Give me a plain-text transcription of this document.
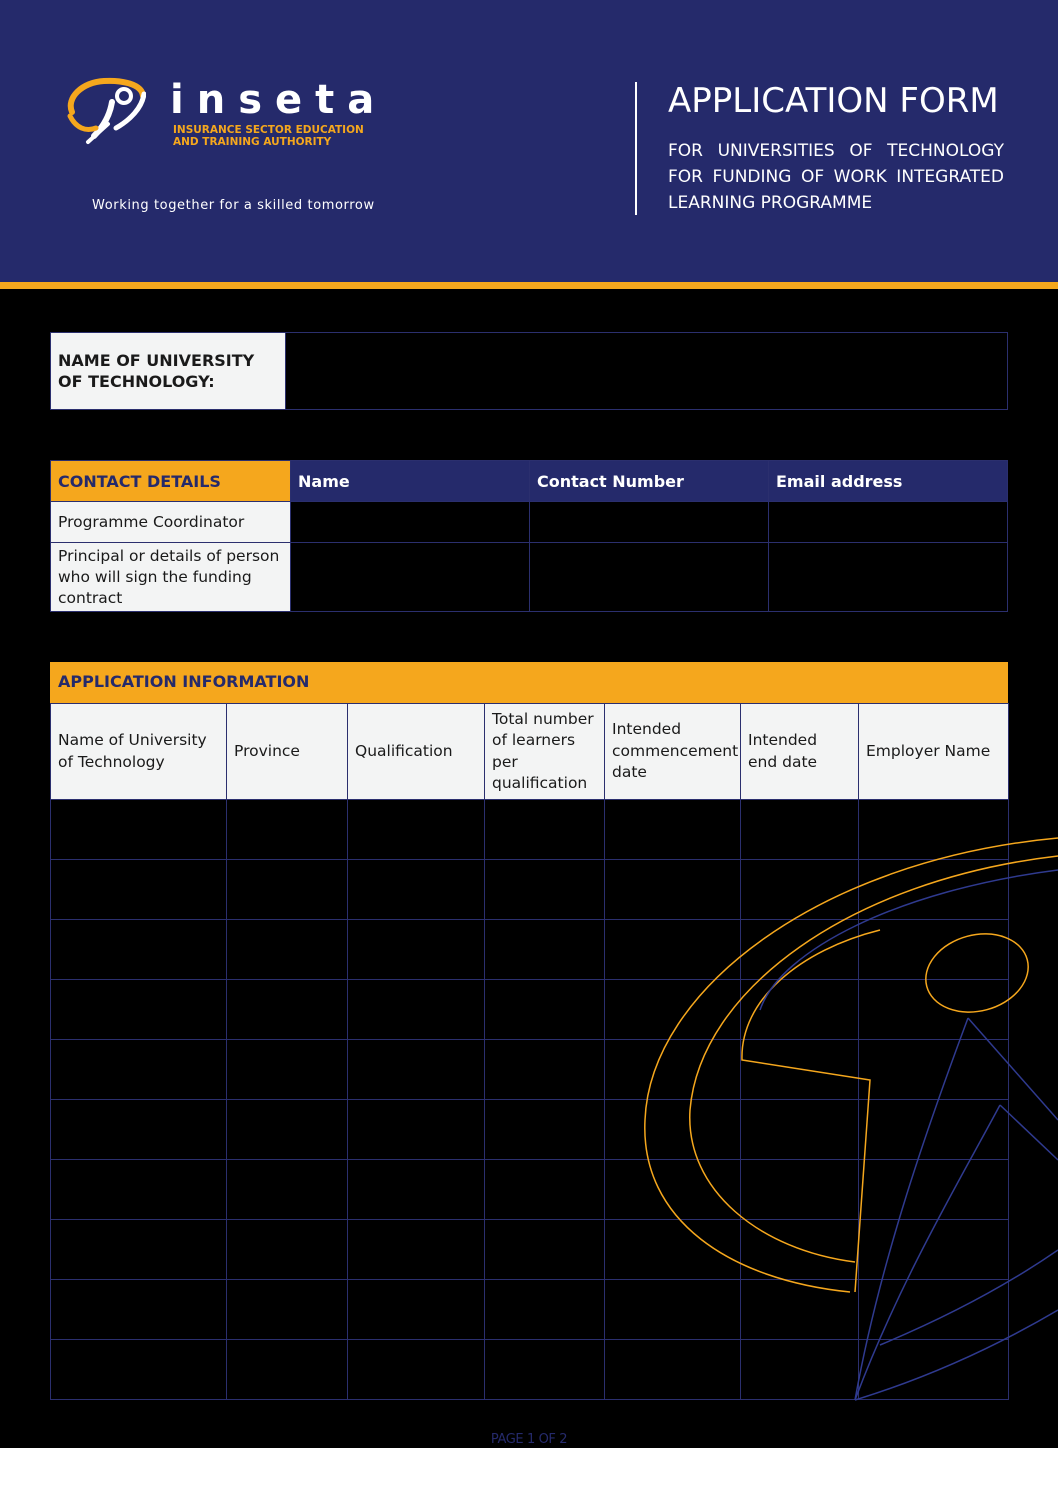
inseta
INSURANCE SECTOR EDUCATION
AND TRAINING AUTHORITY
Working together for a skilled tomorrow
APPLICATION FORM
FOR UNIVERSITIES OF TECHNOLOGY FOR FUNDING OF WORK INTEGRATED LEARNING PROGRAMME
NAME OF UNIVERSITY
OF TECHNOLOGY:

CONTACT DETAILS	Name	Contact Number	Email address
Programme Coordinator			
Principal or details of person who will sign the funding contract			
APPLICATION INFORMATION
Name of University of Technology	Province	Qualification	Total number of learners per qualification	Intended commencement date	Intended end date	Employer Name

PAGE 1 OF 2
